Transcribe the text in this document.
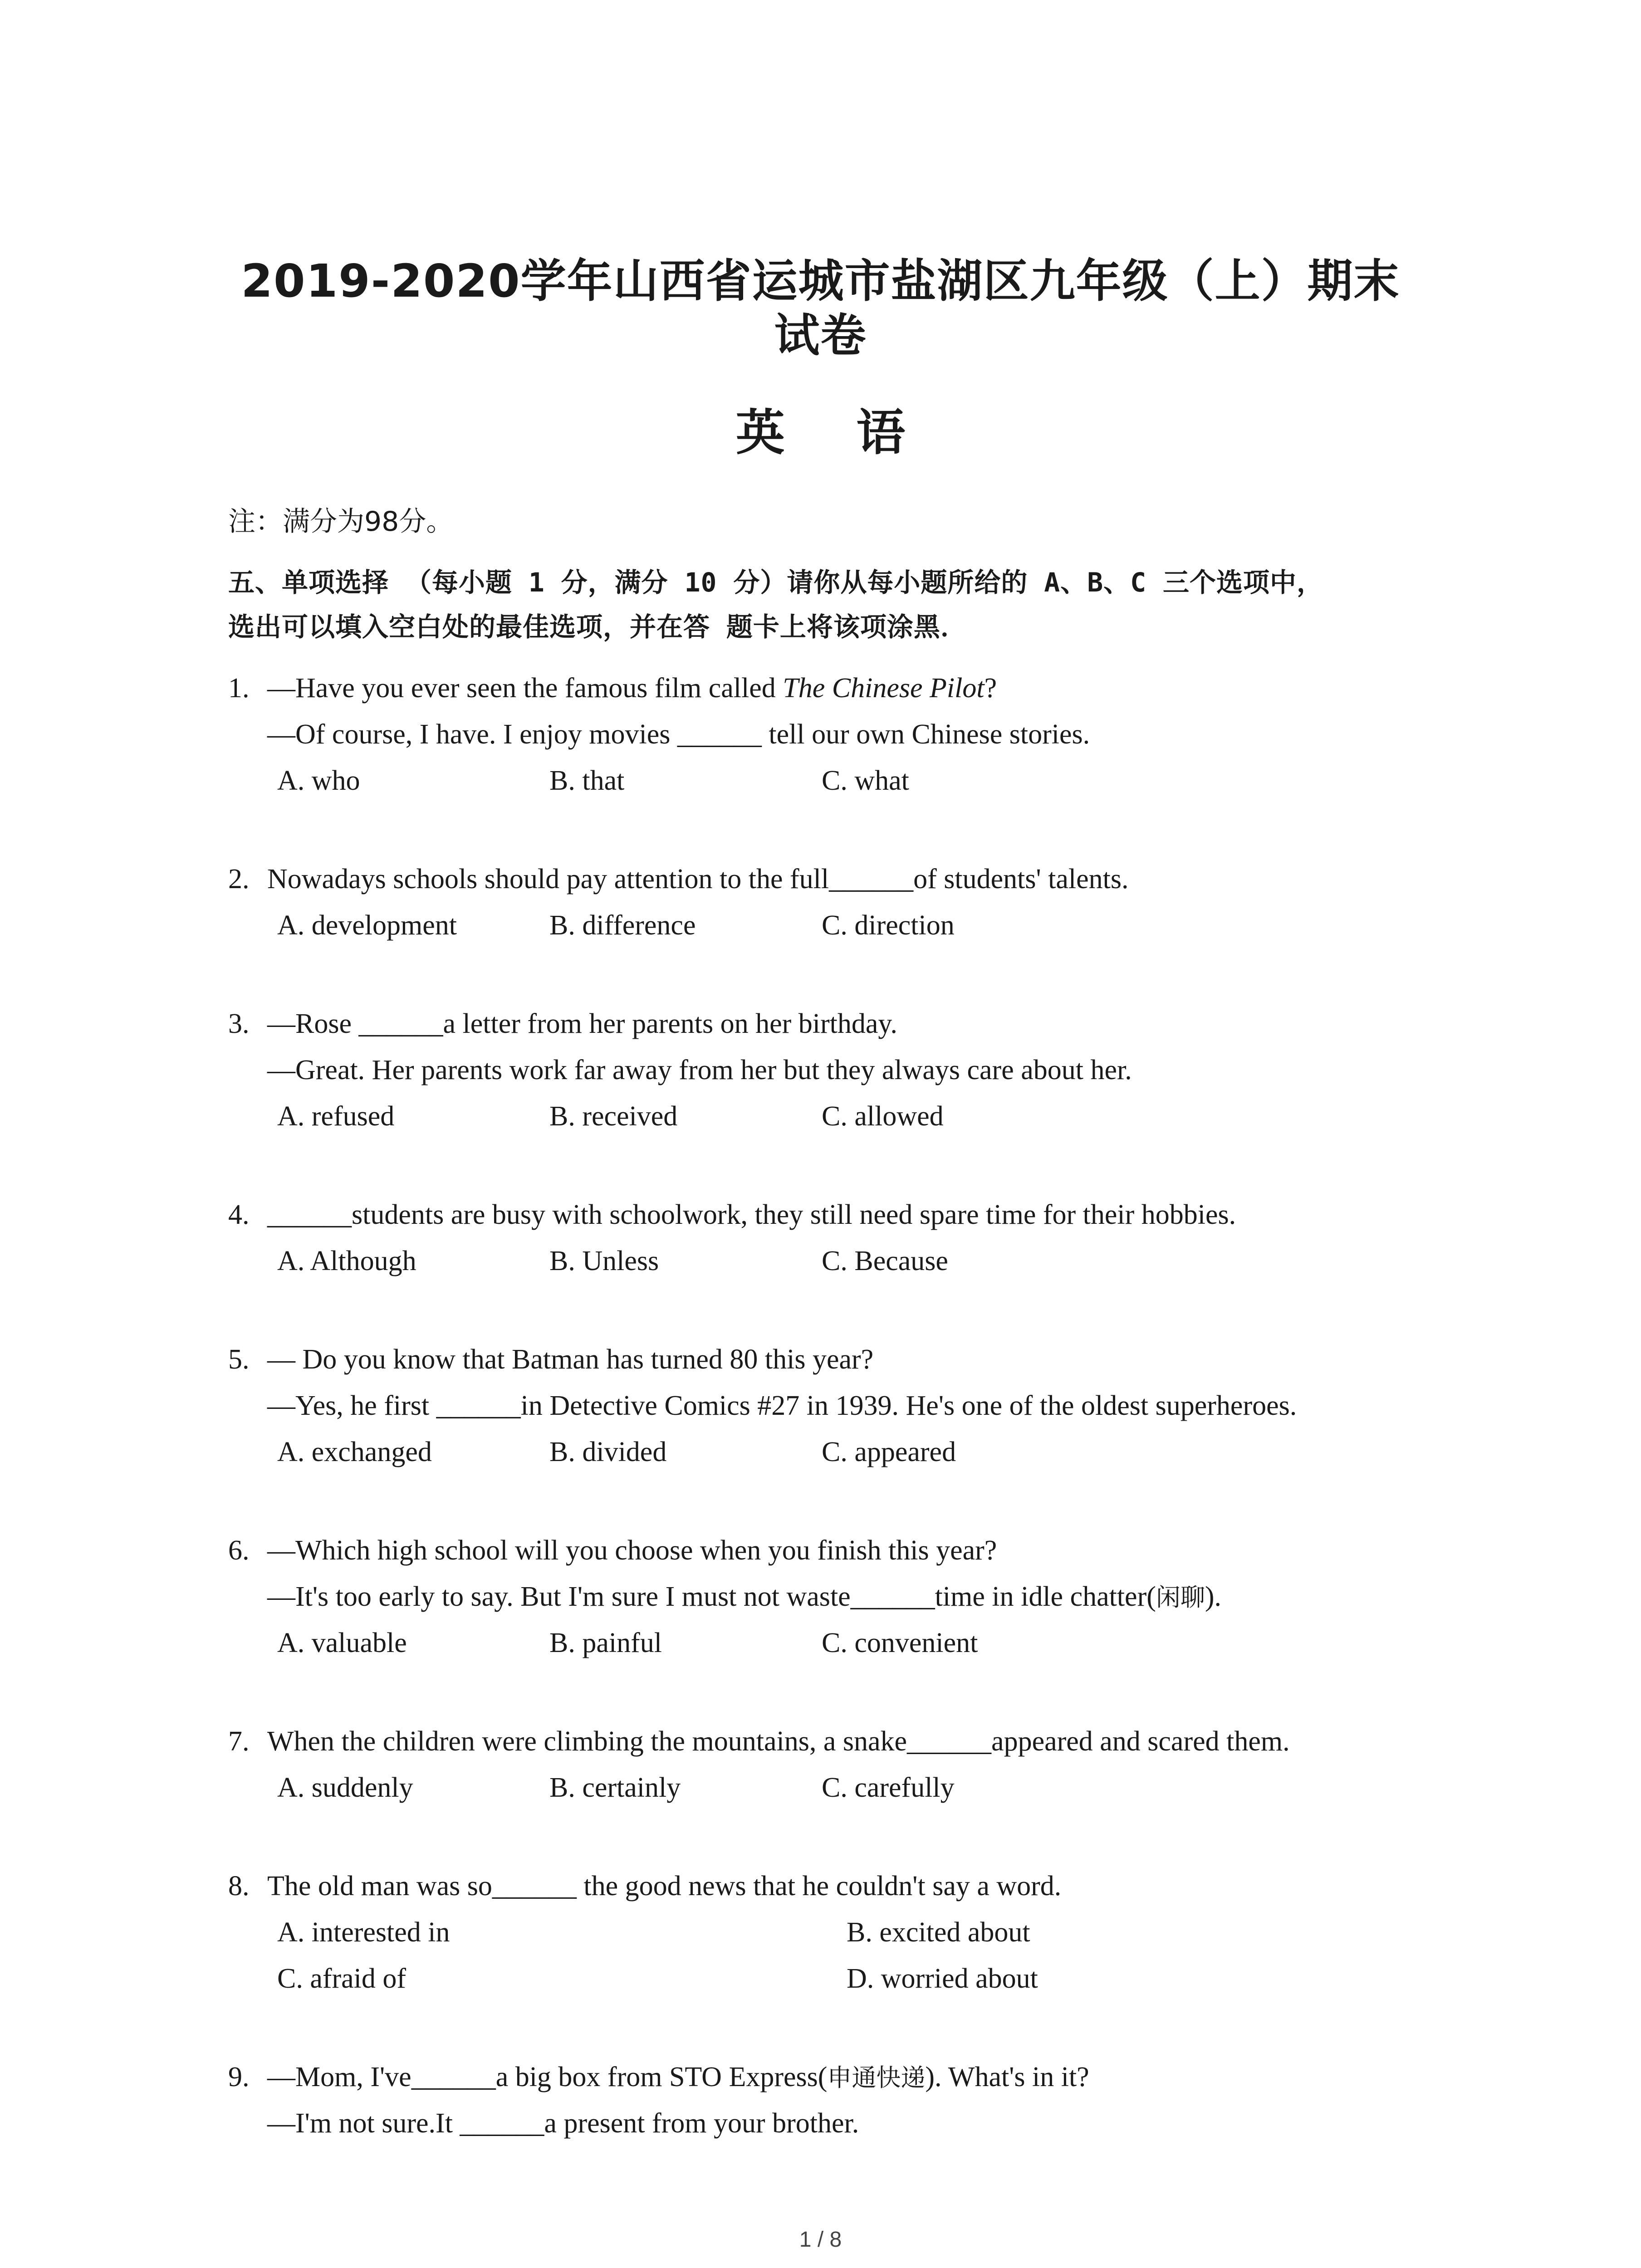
2019-2020学年山西省运城市盐湖区九年级（上）期末
试卷
英 语
注：满分为98分。
五、单项选择 （每小题 1 分，满分 10 分）请你从每小题所给的 A、B、C 三个选项中，
选出可以填入空白处的最佳选项，并在答 题卡上将该项涂黑．
1. —Have you ever seen the famous film called The Chinese Pilot?
—Of course, I have. I enjoy movies ______ tell our own Chinese stories.
A. who	B. that	C. what
2. Nowadays schools should pay attention to the full______of students' talents.
A. development	B. difference	C. direction
3. —Rose ______a letter from her parents on her birthday.
—Great. Her parents work far away from her but they always care about her.
A. refused	B. received	C. allowed
4. ______students are busy with schoolwork, they still need spare time for their hobbies.
A. Although	B. Unless	C. Because
5. — Do you know that Batman has turned 80 this year?
—Yes, he first ______in Detective Comics #27 in 1939. He's one of the oldest superheroes.
A. exchanged	B. divided	C. appeared
6. —Which high school will you choose when you finish this year?
—It's too early to say. But I'm sure I must not waste______time in idle chatter(闲聊).
A. valuable	B. painful	C. convenient
7. When the children were climbing the mountains, a snake______appeared and scared them.
A. suddenly	B. certainly	C. carefully
8. The old man was so______ the good news that he couldn't say a word.
A. interested in	B. excited about
C. afraid of	D. worried about
9. —Mom, I've______a big box from STO Express(申通快递). What's in it?
—I'm not sure.It ______a present from your brother.
1 / 8
